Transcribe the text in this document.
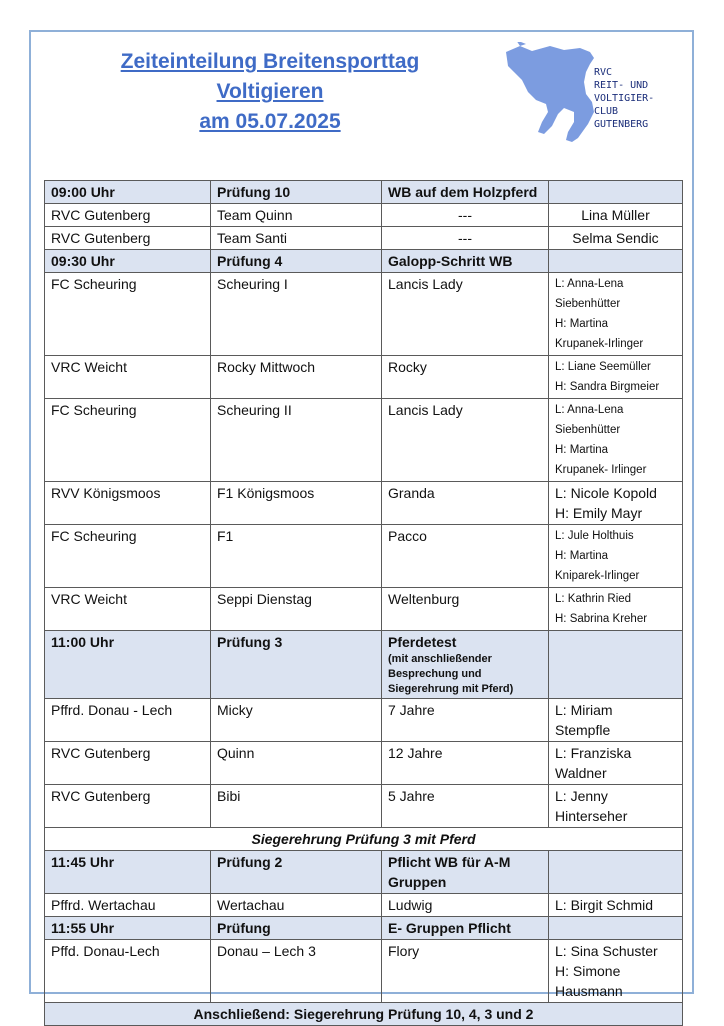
Zeiteinteilung Breitensporttag
Voltigieren
am 05.07.2025
RVC
REIT- UND
VOLTIGIER-
CLUB
GUTENBERG
09:00 Uhr	Prüfung 10	WB auf dem Holzpferd	
RVC Gutenberg	Team Quinn	---	Lina Müller

RVC Gutenberg	Team Santi	---	Selma Sendic

09:30 Uhr	Prüfung 4	Galopp-Schritt WB	
FC Scheuring	Scheuring I	Lancis Lady	L: Anna-Lena
Siebenhütter
H: Martina
Krupanek-Irlinger

VRC Weicht	Rocky Mittwoch	Rocky	L: Liane Seemüller
H: Sandra Birgmeier

FC Scheuring	Scheuring II	Lancis Lady	L: Anna-Lena
Siebenhütter
H: Martina
Krupanek- Irlinger

RVV Königsmoos	F1 Königsmoos	Granda	L: Nicole Kopold
H: Emily Mayr

FC Scheuring	F1	Pacco	L: Jule Holthuis
H: Martina
Kniparek-Irlinger

VRC Weicht	Seppi Dienstag	Weltenburg	L: Kathrin Ried
H: Sabrina Kreher

11:00 Uhr	Prüfung 3	Pferdetest
(mit anschließender Besprechung und Siegerehrung mit Pferd)	

Pffrd. Donau - Lech	Micky	7 Jahre	L: Miriam
Stempfle

RVC Gutenberg	Quinn	12 Jahre	L: Franziska
Waldner

RVC Gutenberg	Bibi	5 Jahre	L: Jenny
Hinterseher

Siegerehrung Prüfung 3 mit Pferd			
11:45 Uhr	Prüfung 2	Pflicht WB für A-M Gruppen	
Pffrd. Wertachau	Wertachau	Ludwig	L: Birgit Schmid

11:55 Uhr	Prüfung	E- Gruppen Pflicht	
Pffd. Donau-Lech	Donau – Lech 3	Flory	L: Sina Schuster
H: Simone
Hausmann

Anschließend: Siegerehrung Prüfung 10, 4, 3 und 2			
